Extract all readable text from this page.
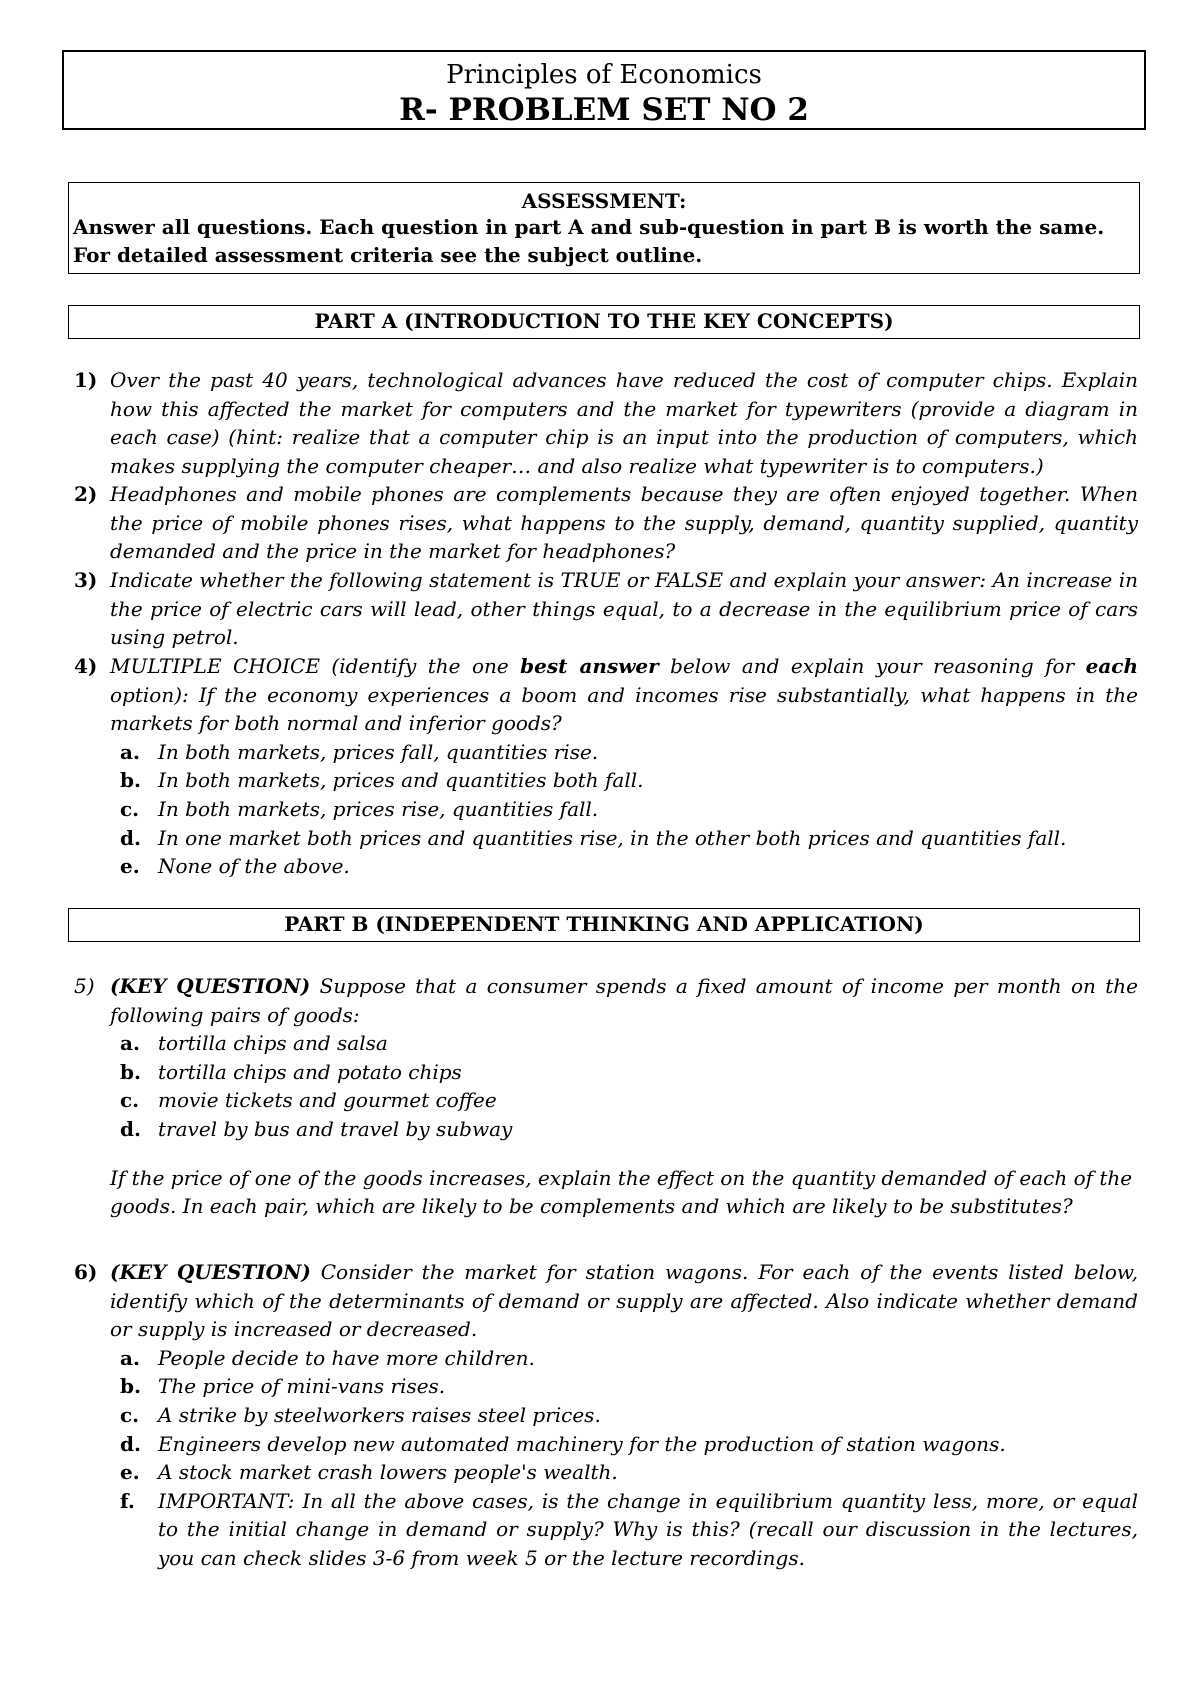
Principles of Economics
R- PROBLEM SET NO 2
ASSESSMENT:
Answer all questions. Each question in part A and sub-question in part B is worth the same. For detailed assessment criteria see the subject outline.
PART A (INTRODUCTION TO THE KEY CONCEPTS)
1) Over the past 40 years, technological advances have reduced the cost of computer chips. Explain how this affected the market for computers and the market for typewriters (provide a diagram in each case) (hint: realize that a computer chip is an input into the production of computers, which makes supplying the computer cheaper… and also realize what typewriter is to computers.)
2) Headphones and mobile phones are complements because they are often enjoyed together. When the price of mobile phones rises, what happens to the supply, demand, quantity supplied, quantity demanded and the price in the market for headphones?
3) Indicate whether the following statement is TRUE or FALSE and explain your answer: An increase in the price of electric cars will lead, other things equal, to a decrease in the equilibrium price of cars using petrol.
4) MULTIPLE CHOICE (identify the one best answer below and explain your reasoning for each option): If the economy experiences a boom and incomes rise substantially, what happens in the markets for both normal and inferior goods?
a. In both markets, prices fall, quantities rise.
b. In both markets, prices and quantities both fall.
c. In both markets, prices rise, quantities fall.
d. In one market both prices and quantities rise, in the other both prices and quantities fall.
e. None of the above.
PART B (INDEPENDENT THINKING AND APPLICATION)
5) (KEY QUESTION) Suppose that a consumer spends a fixed amount of income per month on the following pairs of goods:
a. tortilla chips and salsa
b. tortilla chips and potato chips
c. movie tickets and gourmet coffee
d. travel by bus and travel by subway
If the price of one of the goods increases, explain the effect on the quantity demanded of each of the goods. In each pair, which are likely to be complements and which are likely to be substitutes?
6) (KEY QUESTION) Consider the market for station wagons. For each of the events listed below, identify which of the determinants of demand or supply are affected. Also indicate whether demand or supply is increased or decreased.
a. People decide to have more children.
b. The price of mini-vans rises.
c. A strike by steelworkers raises steel prices.
d. Engineers develop new automated machinery for the production of station wagons.
e. A stock market crash lowers people's wealth.
f. IMPORTANT: In all the above cases, is the change in equilibrium quantity less, more, or equal to the initial change in demand or supply? Why is this? (recall our discussion in the lectures, you can check slides 3-6 from week 5 or the lecture recordings.
